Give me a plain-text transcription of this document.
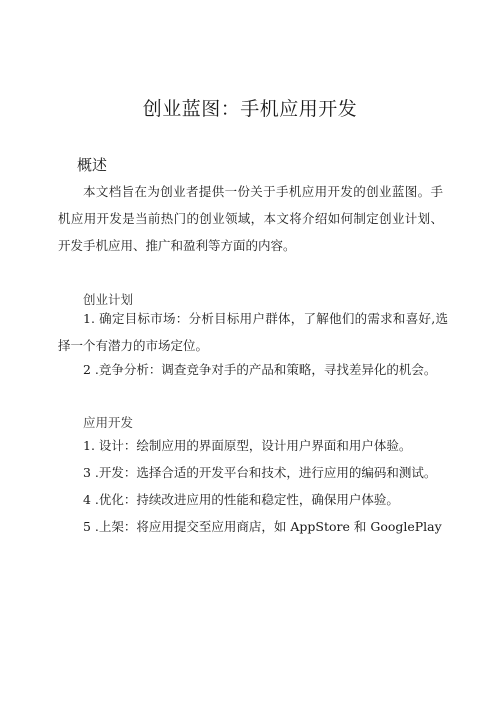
创业蓝图：手机应用开发
概述
本文档旨在为创业者提供一份关于手机应用开发的创业蓝图。手机应用开发是当前热门的创业领域，本文将介绍如何制定创业计划、开发手机应用、推广和盈利等方面的内容。
创业计划
1. 确定目标市场：分析目标用户群体，了解他们的需求和喜好,选择一个有潜力的市场定位。
2 .竞争分析：调查竞争对手的产品和策略，寻找差异化的机会。
应用开发
1. 设计：绘制应用的界面原型，设计用户界面和用户体验。
3 .开发：选择合适的开发平台和技术，进行应用的编码和测试。
4 .优化：持续改进应用的性能和稳定性，确保用户体验。
5 .上架：将应用提交至应用商店，如 AppStore 和 GooglePlay
